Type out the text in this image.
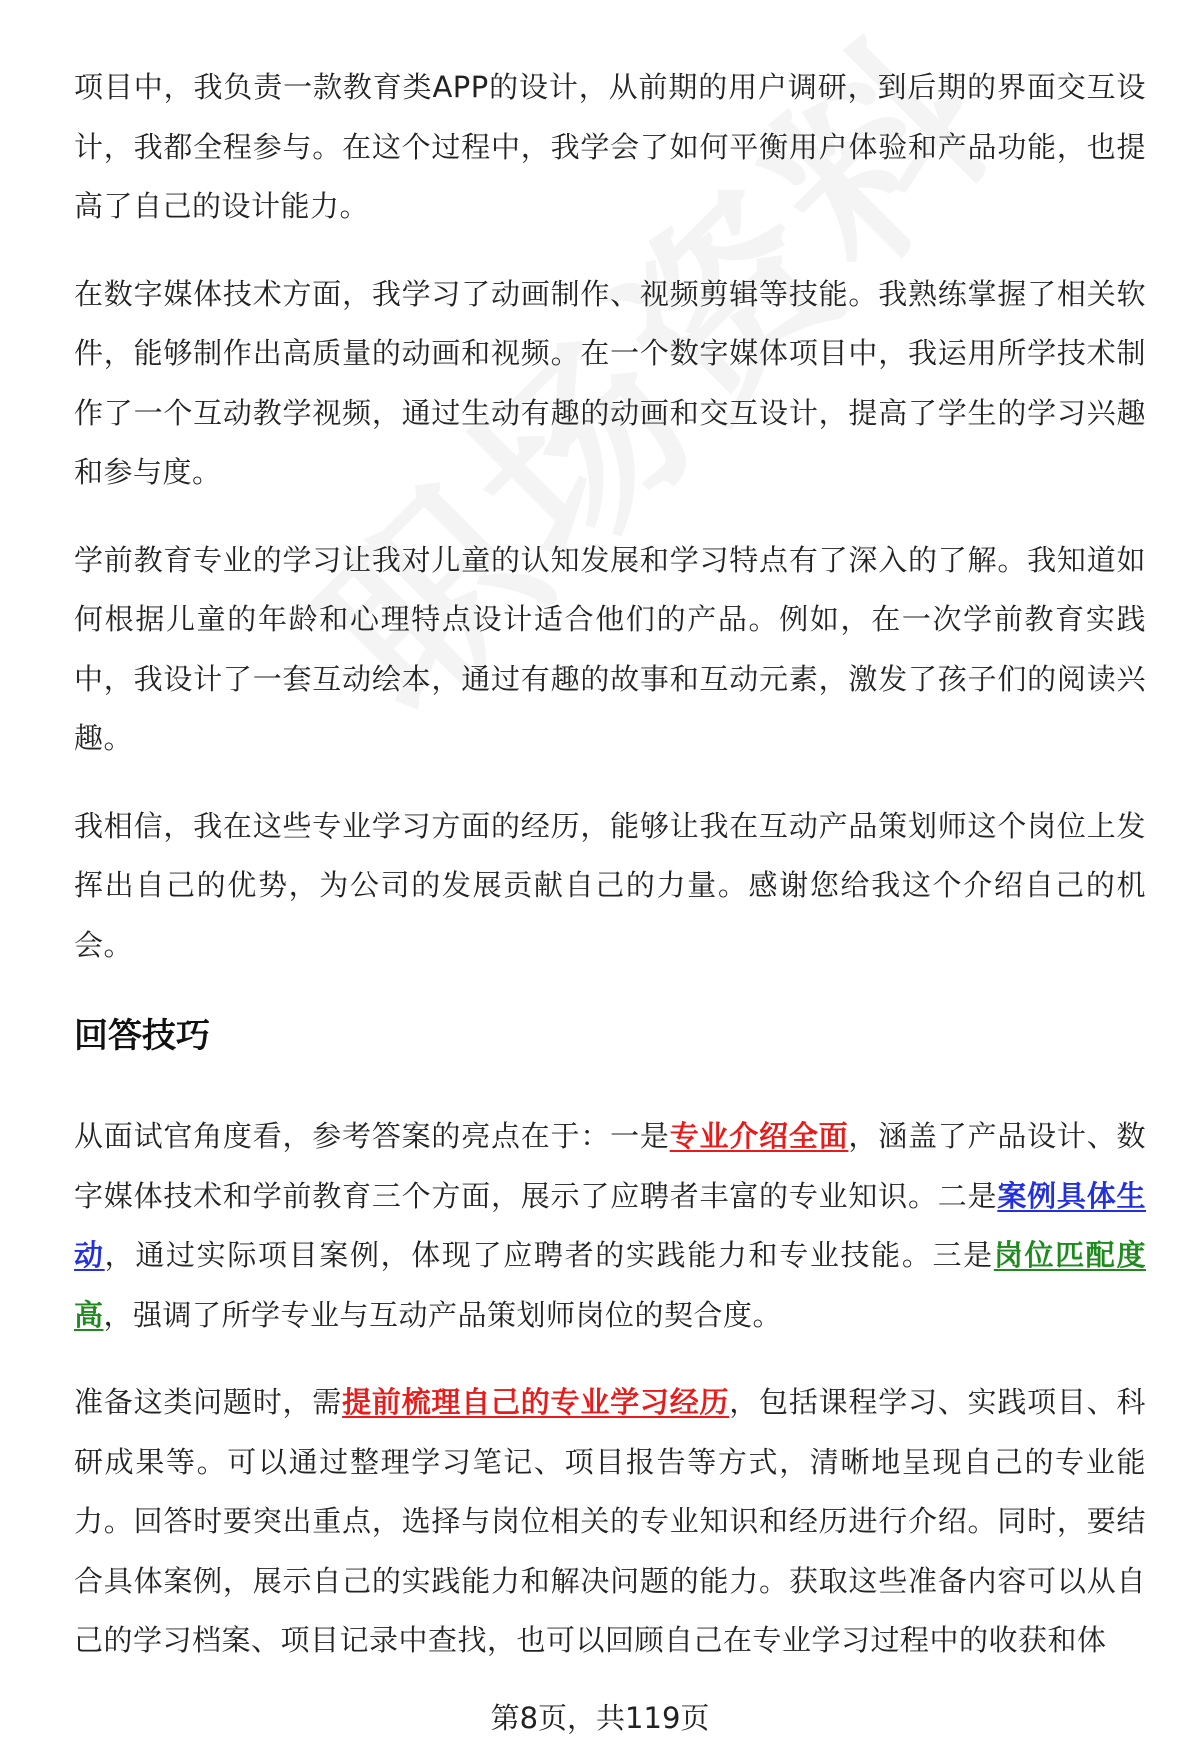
项目中，我负责一款教育类APP的设计，从前期的用户调研，到后期的界面交互设计，我都全程参与。在这个过程中，我学会了如何平衡用户体验和产品功能，也提高了自己的设计能力。

在数字媒体技术方面，我学习了动画制作、视频剪辑等技能。我熟练掌握了相关软件，能够制作出高质量的动画和视频。在一个数字媒体项目中，我运用所学技术制作了一个互动教学视频，通过生动有趣的动画和交互设计，提高了学生的学习兴趣和参与度。

学前教育专业的学习让我对儿童的认知发展和学习特点有了深入的了解。我知道如何根据儿童的年龄和心理特点设计适合他们的产品。例如，在一次学前教育实践中，我设计了一套互动绘本，通过有趣的故事和互动元素，激发了孩子们的阅读兴趣。

我相信，我在这些专业学习方面的经历，能够让我在互动产品策划师这个岗位上发挥出自己的优势，为公司的发展贡献自己的力量。感谢您给我这个介绍自己的机会。

回答技巧

从面试官角度看，参考答案的亮点在于：一是专业介绍全面，涵盖了产品设计、数字媒体技术和学前教育三个方面，展示了应聘者丰富的专业知识。二是案例具体生动，通过实际项目案例，体现了应聘者的实践能力和专业技能。三是岗位匹配度高，强调了所学专业与互动产品策划师岗位的契合度。

准备这类问题时，需提前梳理自己的专业学习经历，包括课程学习、实践项目、科研成果等。可以通过整理学习笔记、项目报告等方式，清晰地呈现自己的专业能力。回答时要突出重点，选择与岗位相关的专业知识和经历进行介绍。同时，要结合具体案例，展示自己的实践能力和解决问题的能力。获取这些准备内容可以从自己的学习档案、项目记录中查找，也可以回顾自己在专业学习过程中的收获和体

第8页，共119页
